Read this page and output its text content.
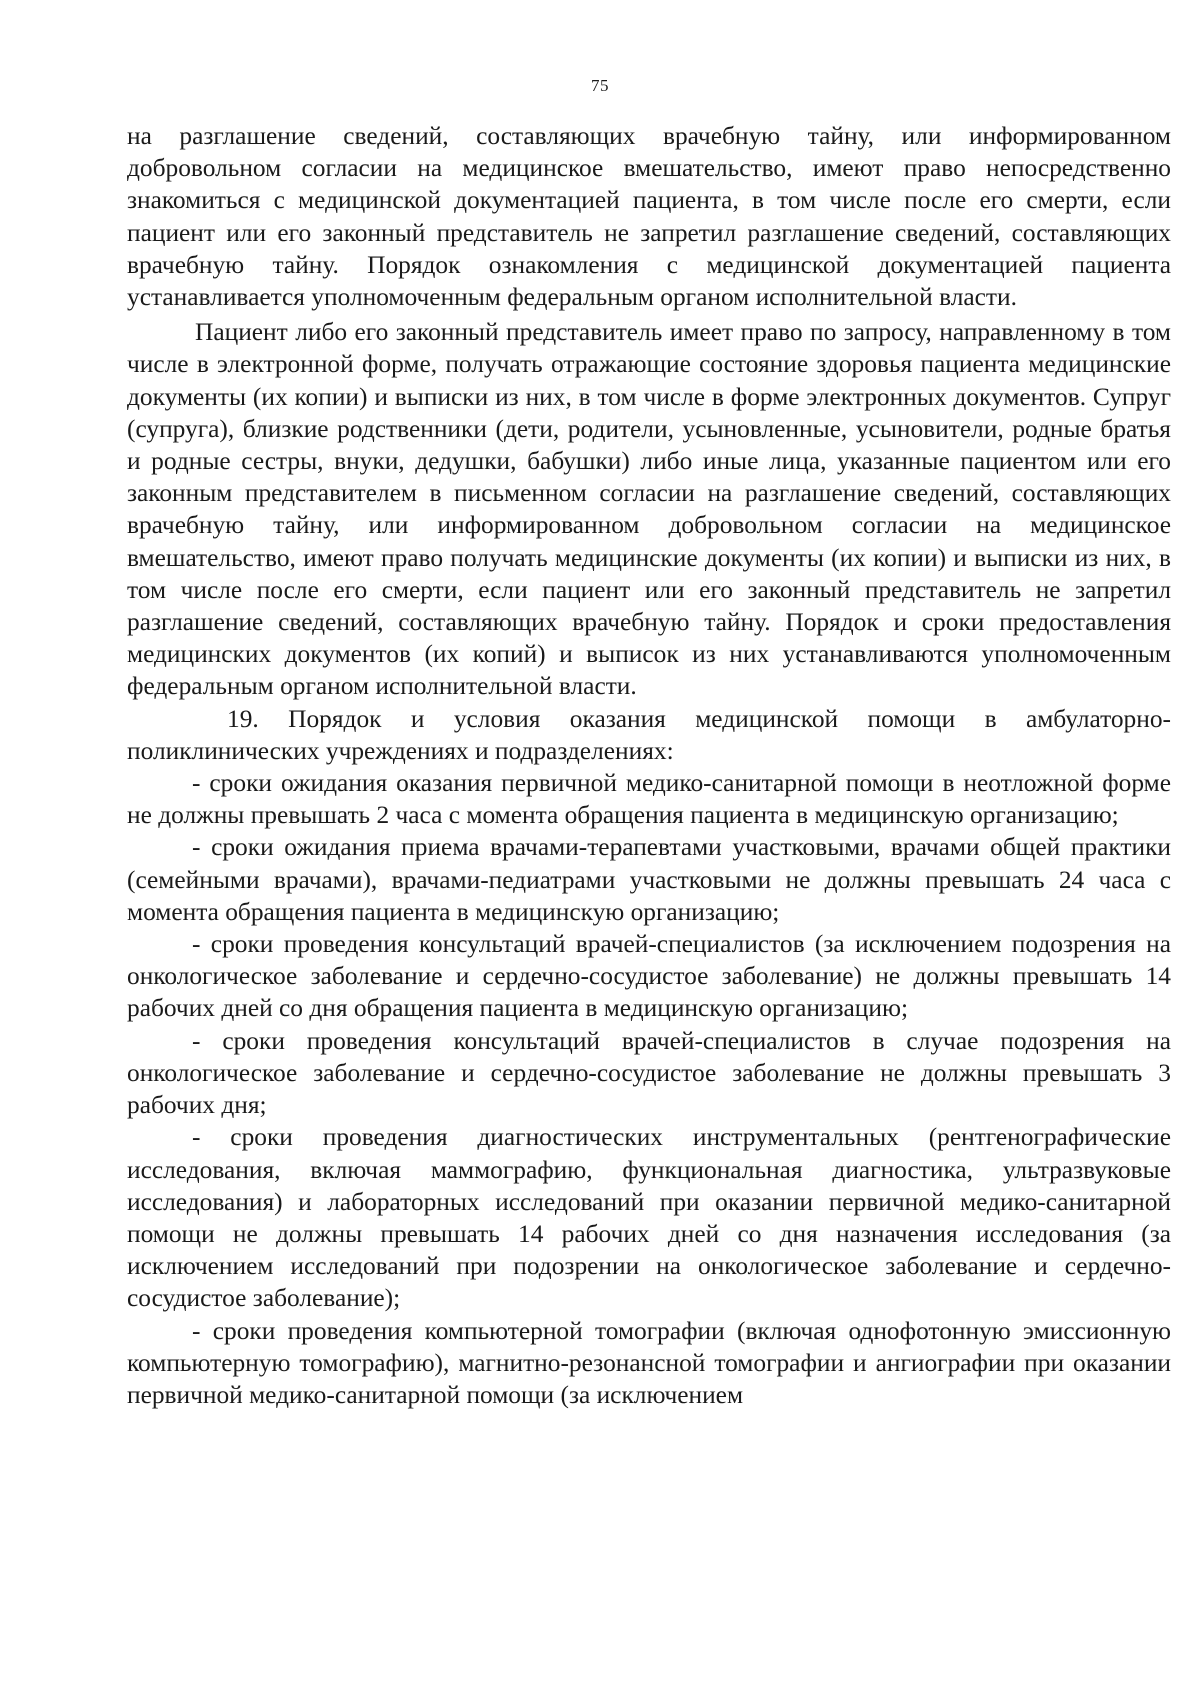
75

на разглашение сведений, составляющих врачебную тайну, или информированном добровольном согласии на медицинское вмешательство, имеют право непосредственно знакомиться с медицинской документацией пациента, в том числе после его смерти, если пациент или его законный представитель не запретил разглашение сведений, составляющих врачебную тайну. Порядок ознакомления с медицинской документацией пациента устанавливается уполномоченным федеральным органом исполнительной власти.

Пациент либо его законный представитель имеет право по запросу, направленному в том числе в электронной форме, получать отражающие состояние здоровья пациента медицинские документы (их копии) и выписки из них, в том числе в форме электронных документов. Супруг (супруга), близкие родственники (дети, родители, усыновленные, усыновители, родные братья и родные сестры, внуки, дедушки, бабушки) либо иные лица, указанные пациентом или его законным представителем в письменном согласии на разглашение сведений, составляющих врачебную тайну, или информированном добровольном согласии на медицинское вмешательство, имеют право получать медицинские документы (их копии) и выписки из них, в том числе после его смерти, если пациент или его законный представитель не запретил разглашение сведений, составляющих врачебную тайну. Порядок и сроки предоставления медицинских документов (их копий) и выписок из них устанавливаются уполномоченным федеральным органом исполнительной власти.

19. Порядок и условия оказания медицинской помощи в амбулаторно-поликлинических учреждениях и подразделениях:

- сроки ожидания оказания первичной медико-санитарной помощи в неотложной форме не должны превышать 2 часа с момента обращения пациента в медицинскую организацию;

- сроки ожидания приема врачами-терапевтами участковыми, врачами общей практики (семейными врачами), врачами-педиатрами участковыми не должны превышать 24 часа с момента обращения пациента в медицинскую организацию;

- сроки проведения консультаций врачей-специалистов (за исключением подозрения на онкологическое заболевание и сердечно-сосудистое заболевание) не должны превышать 14 рабочих дней со дня обращения пациента в медицинскую организацию;

- сроки проведения консультаций врачей-специалистов в случае подозрения на онкологическое заболевание и сердечно-сосудистое заболевание не должны превышать 3 рабочих дня;

- сроки проведения диагностических инструментальных (рентгенографические исследования, включая маммографию, функциональная диагностика, ультразвуковые исследования) и лабораторных исследований при оказании первичной медико-санитарной помощи не должны превышать 14 рабочих дней со дня назначения исследования (за исключением исследований при подозрении на онкологическое заболевание и сердечно-сосудистое заболевание);

- сроки проведения компьютерной томографии (включая однофотонную эмиссионную компьютерную томографию), магнитно-резонансной томографии и ангиографии при оказании первичной медико-санитарной помощи (за исключением
